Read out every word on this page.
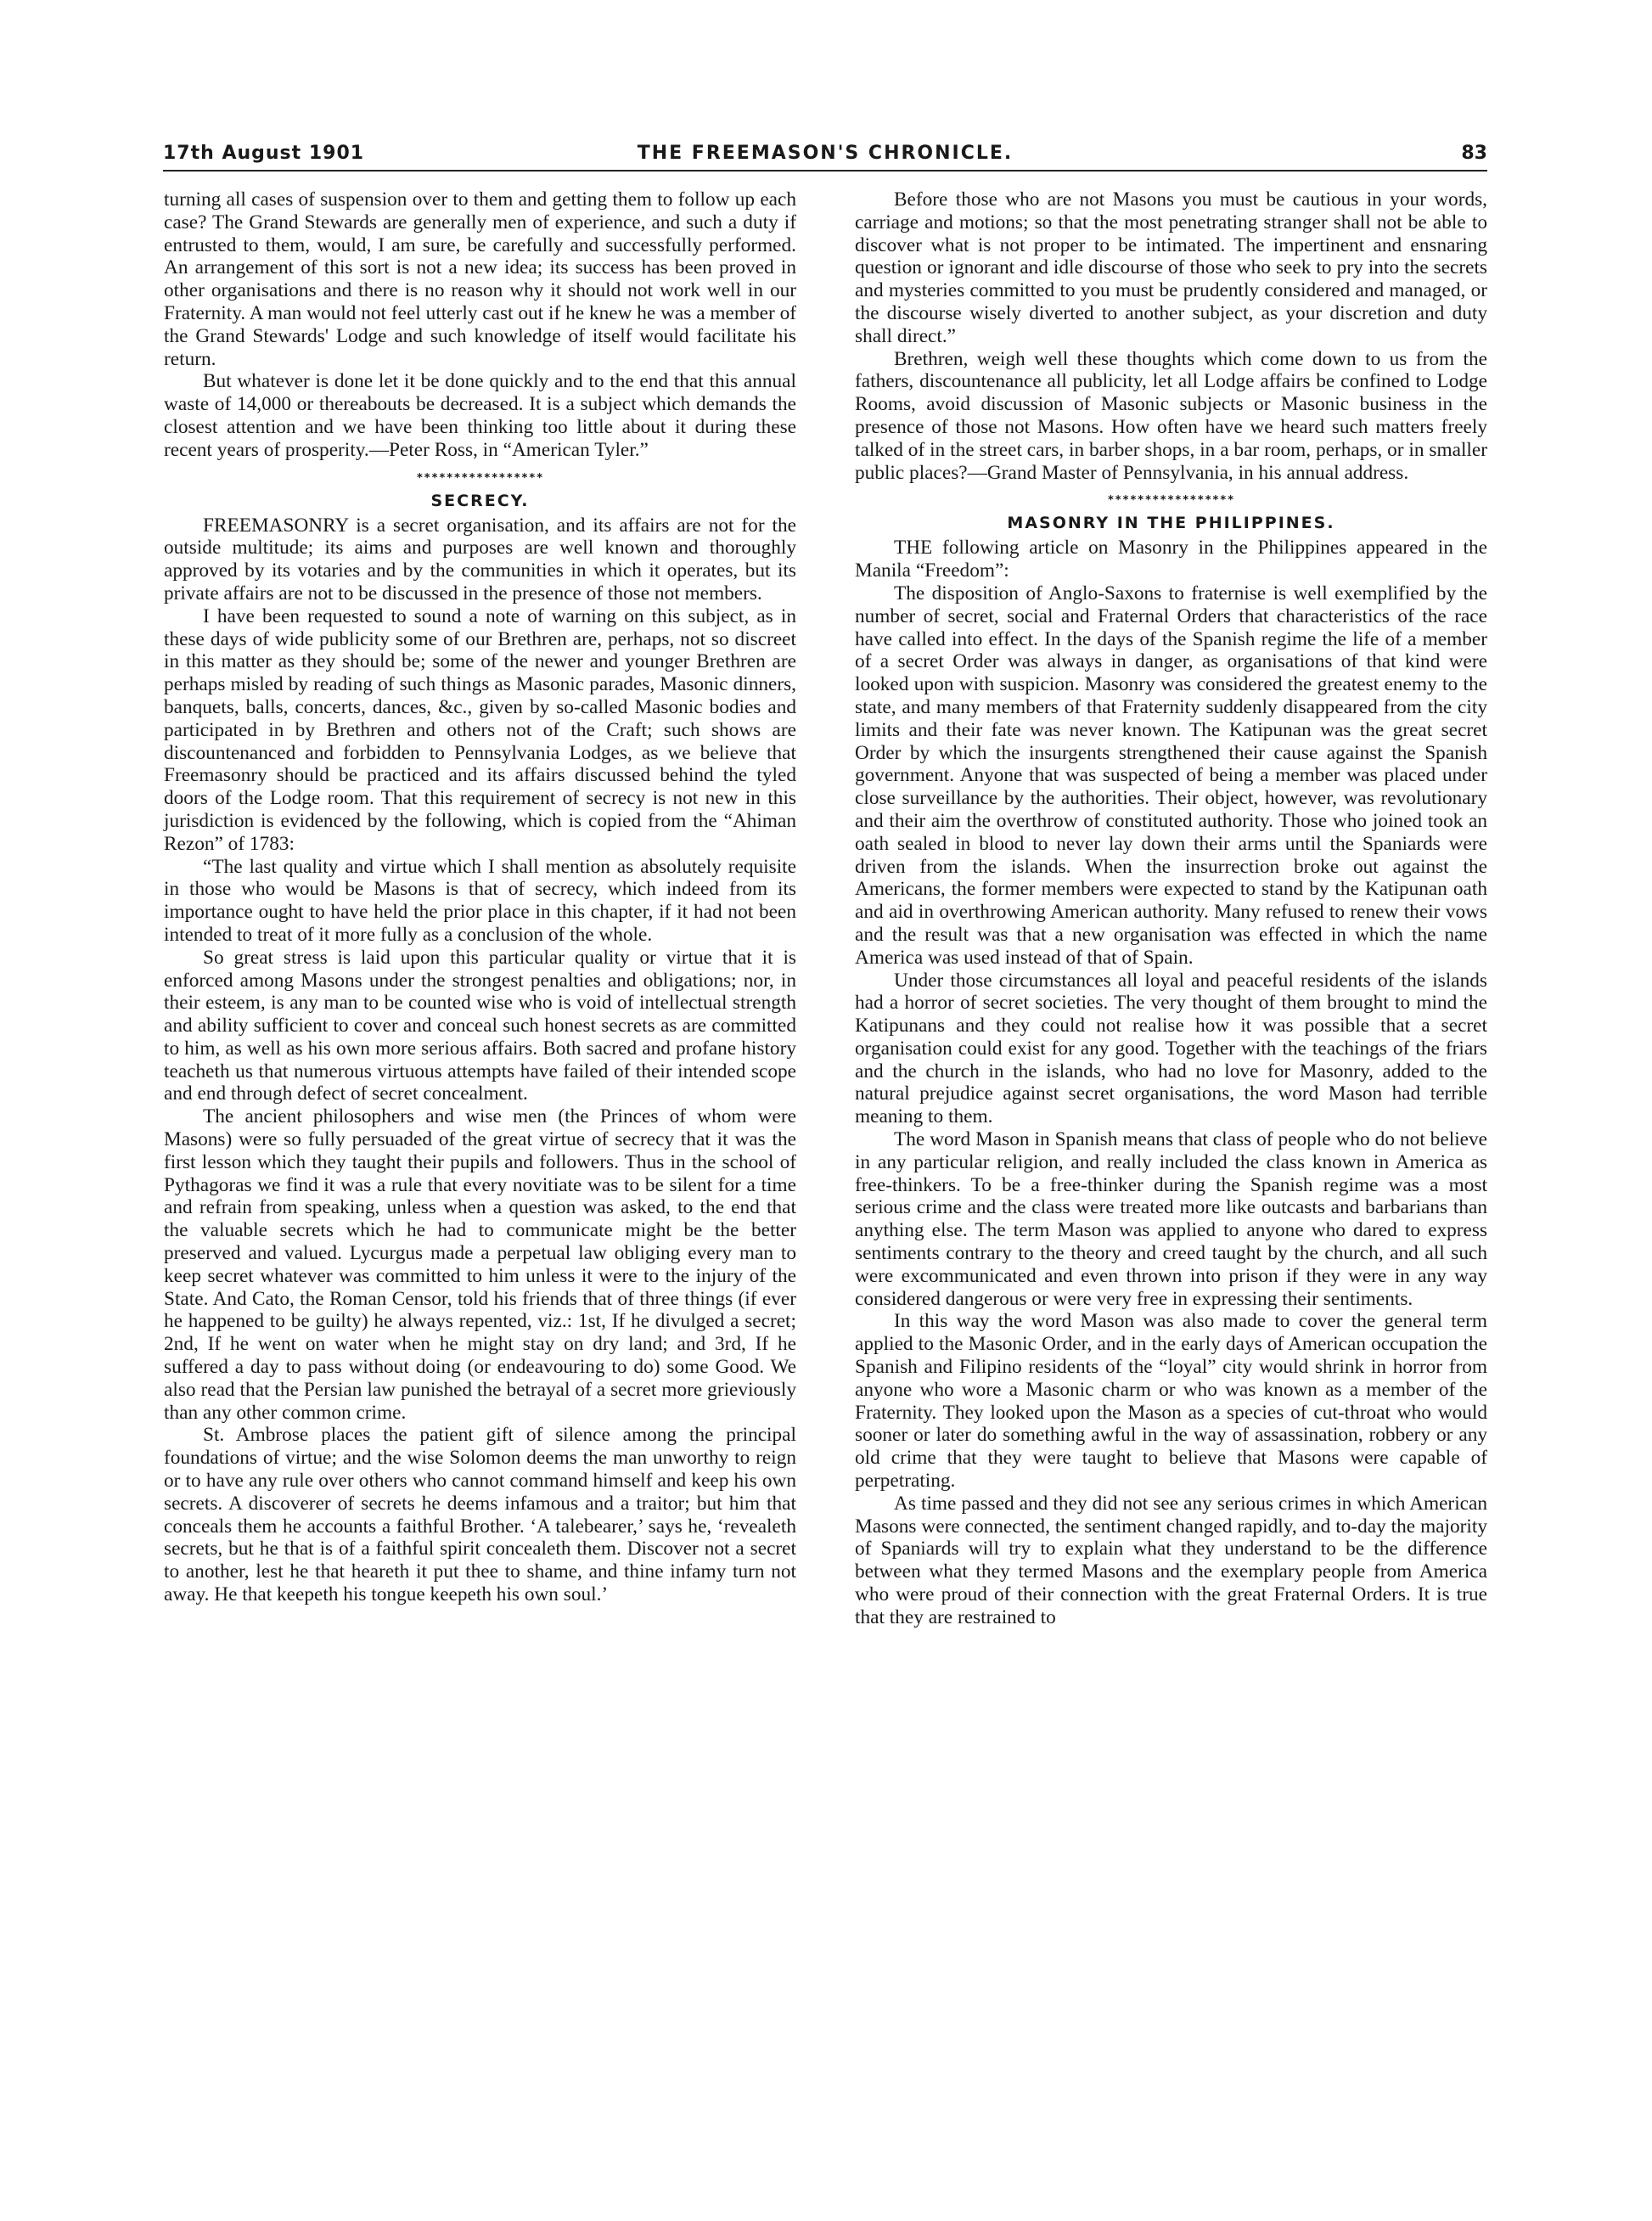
17th August 1901	THE FREEMASON'S CHRONICLE.	83

turning all cases of suspension over to them and getting them to follow up each case? The Grand Stewards are generally men of experience, and such a duty if entrusted to them, would, I am sure, be carefully and successfully performed. An arrangement of this sort is not a new idea; its success has been proved in other organisations and there is no reason why it should not work well in our Fraternity. A man would not feel utterly cast out if he knew he was a member of the Grand Stewards' Lodge and such knowledge of itself would facilitate his return.

But whatever is done let it be done quickly and to the end that this annual waste of 14,000 or thereabouts be decreased. It is a subject which demands the closest attention and we have been thinking too little about it during these recent years of prosperity.—Peter Ross, in “American Tyler.”

*****************
SECRECY.

FREEMASONRY is a secret organisation, and its affairs are not for the outside multitude; its aims and purposes are well known and thoroughly approved by its votaries and by the communities in which it operates, but its private affairs are not to be discussed in the presence of those not members.

I have been requested to sound a note of warning on this subject, as in these days of wide publicity some of our Brethren are, perhaps, not so discreet in this matter as they should be; some of the newer and younger Brethren are perhaps misled by reading of such things as Masonic parades, Masonic dinners, banquets, balls, concerts, dances, &c., given by so-called Masonic bodies and participated in by Brethren and others not of the Craft; such shows are discountenanced and forbidden to Pennsylvania Lodges, as we believe that Freemasonry should be practiced and its affairs discussed behind the tyled doors of the Lodge room. That this requirement of secrecy is not new in this jurisdiction is evidenced by the following, which is copied from the “Ahiman Rezon” of 1783:

“The last quality and virtue which I shall mention as absolutely requisite in those who would be Masons is that of secrecy, which indeed from its importance ought to have held the prior place in this chapter, if it had not been intended to treat of it more fully as a conclusion of the whole.

So great stress is laid upon this particular quality or virtue that it is enforced among Masons under the strongest penalties and obligations; nor, in their esteem, is any man to be counted wise who is void of intellectual strength and ability sufficient to cover and conceal such honest secrets as are committed to him, as well as his own more serious affairs. Both sacred and profane history teacheth us that numerous virtuous attempts have failed of their intended scope and end through defect of secret concealment.

The ancient philosophers and wise men (the Princes of whom were Masons) were so fully persuaded of the great virtue of secrecy that it was the first lesson which they taught their pupils and followers. Thus in the school of Pythagoras we find it was a rule that every novitiate was to be silent for a time and refrain from speaking, unless when a question was asked, to the end that the valuable secrets which he had to communicate might be the better preserved and valued. Lycurgus made a perpetual law obliging every man to keep secret whatever was committed to him unless it were to the injury of the State. And Cato, the Roman Censor, told his friends that of three things (if ever he happened to be guilty) he always repented, viz.: 1st, If he divulged a secret; 2nd, If he went on water when he might stay on dry land; and 3rd, If he suffered a day to pass without doing (or endeavouring to do) some Good. We also read that the Persian law punished the betrayal of a secret more grieviously than any other common crime.

St. Ambrose places the patient gift of silence among the principal foundations of virtue; and the wise Solomon deems the man unworthy to reign or to have any rule over others who cannot command himself and keep his own secrets. A discoverer of secrets he deems infamous and a traitor; but him that conceals them he accounts a faithful Brother. ‘A talebearer,’ says he, ‘revealeth secrets, but he that is of a faithful spirit concealeth them. Discover not a secret to another, lest he that heareth it put thee to shame, and thine infamy turn not away. He that keepeth his tongue keepeth his own soul.’

Before those who are not Masons you must be cautious in your words, carriage and motions; so that the most penetrating stranger shall not be able to discover what is not proper to be intimated. The impertinent and ensnaring question or ignorant and idle discourse of those who seek to pry into the secrets and mysteries committed to you must be prudently considered and managed, or the discourse wisely diverted to another subject, as your discretion and duty shall direct.”

Brethren, weigh well these thoughts which come down to us from the fathers, discountenance all publicity, let all Lodge affairs be confined to Lodge Rooms, avoid discussion of Masonic subjects or Masonic business in the presence of those not Masons. How often have we heard such matters freely talked of in the street cars, in barber shops, in a bar room, perhaps, or in smaller public places?—Grand Master of Pennsylvania, in his annual address.

*****************
MASONRY IN THE PHILIPPINES.

THE following article on Masonry in the Philippines appeared in the Manila “Freedom”:

The disposition of Anglo-Saxons to fraternise is well exemplified by the number of secret, social and Fraternal Orders that characteristics of the race have called into effect. In the days of the Spanish regime the life of a member of a secret Order was always in danger, as organisations of that kind were looked upon with suspicion. Masonry was considered the greatest enemy to the state, and many members of that Fraternity suddenly disappeared from the city limits and their fate was never known. The Katipunan was the great secret Order by which the insurgents strengthened their cause against the Spanish government. Anyone that was suspected of being a member was placed under close surveillance by the authorities. Their object, however, was revolutionary and their aim the overthrow of constituted authority. Those who joined took an oath sealed in blood to never lay down their arms until the Spaniards were driven from the islands. When the insurrection broke out against the Americans, the former members were expected to stand by the Katipunan oath and aid in overthrowing American authority. Many refused to renew their vows and the result was that a new organisation was effected in which the name America was used instead of that of Spain.

Under those circumstances all loyal and peaceful residents of the islands had a horror of secret societies. The very thought of them brought to mind the Katipunans and they could not realise how it was possible that a secret organisation could exist for any good. Together with the teachings of the friars and the church in the islands, who had no love for Masonry, added to the natural prejudice against secret organisations, the word Mason had terrible meaning to them.

The word Mason in Spanish means that class of people who do not believe in any particular religion, and really included the class known in America as free-thinkers. To be a free-thinker during the Spanish regime was a most serious crime and the class were treated more like outcasts and barbarians than anything else. The term Mason was applied to anyone who dared to express sentiments contrary to the theory and creed taught by the church, and all such were excommunicated and even thrown into prison if they were in any way considered dangerous or were very free in expressing their sentiments.

In this way the word Mason was also made to cover the general term applied to the Masonic Order, and in the early days of American occupation the Spanish and Filipino residents of the “loyal” city would shrink in horror from anyone who wore a Masonic charm or who was known as a member of the Fraternity. They looked upon the Mason as a species of cut-throat who would sooner or later do something awful in the way of assassination, robbery or any old crime that they were taught to believe that Masons were capable of perpetrating.

As time passed and they did not see any serious crimes in which American Masons were connected, the sentiment changed rapidly, and to-day the majority of Spaniards will try to explain what they understand to be the difference between what they termed Masons and the exemplary people from America who were proud of their connection with the great Fraternal Orders. It is true that they are restrained to
